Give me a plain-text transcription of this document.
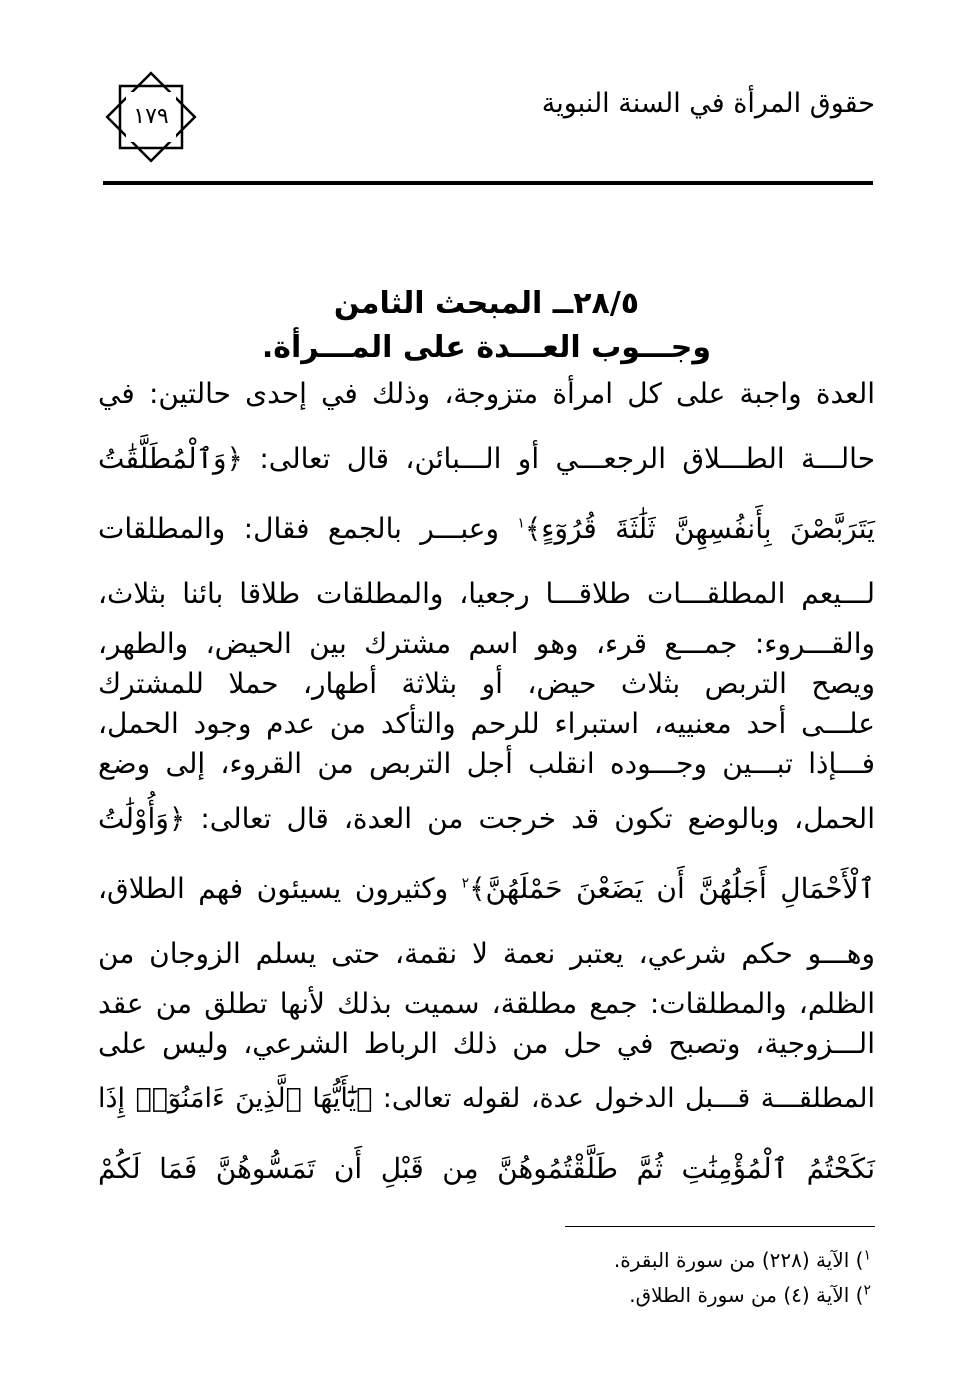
حقوق المرأة في السنة النبوية
١٧٩
٢٨/٥ــ المبحث الثامن
وجـــوب العـــدة على المـــرأة.
العدة واجبة على كل امرأة متزوجة، وذلك في إحدى حالتين: في
حالـــة الطـــلاق الرجعـــي أو الـــبائن، قال تعالى: ﴿وَٱلْمُطَلَّقَٰتُ
يَتَرَبَّصْنَ بِأَنفُسِهِنَّ ثَلَٰثَةَ قُرُوٓءٍ﴾$^١$ وعبـــر بالجمع فقال: والمطلقات
لـــيعم المطلقـــات طلاقـــا رجعيا، والمطلقات طلاقا بائنا بثلاث،
والقـــروء: جمـــع قرء، وهو اسم مشترك بين الحيض، والطهر،
ويصح التربص بثلاث حيض، أو بثلاثة أطهار، حملا للمشترك
علـــى أحد معنييه، استبراء للرحم والتأكد من عدم وجود الحمل،
فـــإذا تبـــين وجـــوده انقلب أجل التربص من القروء، إلى وضع
الحمل، وبالوضع تكون قد خرجت من العدة، قال تعالى: ﴿وَأُوْلَٰتُ
ٱلْأَحْمَالِ أَجَلُهُنَّ أَن يَضَعْنَ حَمْلَهُنَّ﴾$^٢$ وكثيرون يسيئون فهم الطلاق،
وهـــو حكم شرعي، يعتبر نعمة لا نقمة، حتى يسلم الزوجان من
الظلم، والمطلقات: جمع مطلقة، سميت بذلك لأنها تطلق من عقد
الـــزوجية، وتصبح في حل من ذلك الرباط الشرعي، وليس على
المطلقـــة قـــبل الدخول عدة، لقوله تعالى: ﴿يَٰٓأَيُّهَا ٱلَّذِينَ ءَامَنُوٓا۟ إِذَا
نَكَحْتُمُ ٱلْمُؤْمِنَٰتِ ثُمَّ طَلَّقْتُمُوهُنَّ مِن قَبْلِ أَن تَمَسُّوهُنَّ فَمَا لَكُمْ
$^١$) الآية (٢٢٨) من سورة البقرة.
$^٢$) الآية (٤) من سورة الطلاق.
